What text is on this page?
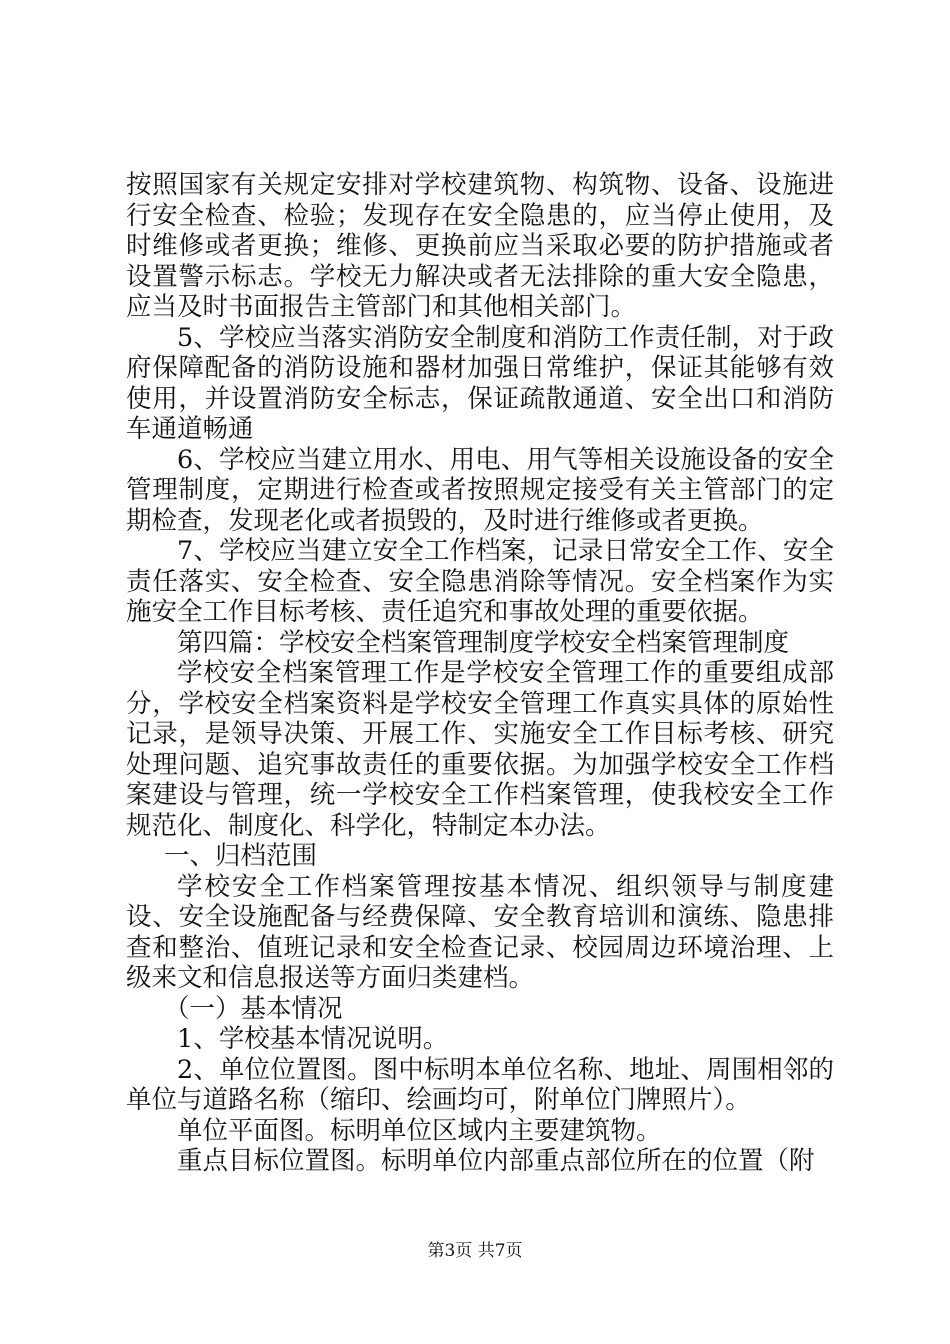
按照国家有关规定安排对学校建筑物、构筑物、设备、设施进行安全检查、检验；发现存在安全隐患的，应当停止使用，及时维修或者更换；维修、更换前应当采取必要的防护措施或者设置警示标志。学校无力解决或者无法排除的重大安全隐患，应当及时书面报告主管部门和其他相关部门。

5、学校应当落实消防安全制度和消防工作责任制，对于政府保障配备的消防设施和器材加强日常维护，保证其能够有效使用，并设置消防安全标志，保证疏散通道、安全出口和消防车通道畅通

6、学校应当建立用水、用电、用气等相关设施设备的安全管理制度，定期进行检查或者按照规定接受有关主管部门的定期检查，发现老化或者损毁的，及时进行维修或者更换。

7、学校应当建立安全工作档案，记录日常安全工作、安全责任落实、安全检查、安全隐患消除等情况。安全档案作为实施安全工作目标考核、责任追究和事故处理的重要依据。

第四篇：学校安全档案管理制度学校安全档案管理制度

学校安全档案管理工作是学校安全管理工作的重要组成部分，学校安全档案资料是学校安全管理工作真实具体的原始性记录，是领导决策、开展工作、实施安全工作目标考核、研究处理问题、追究事故责任的重要依据。为加强学校安全工作档案建设与管理，统一学校安全工作档案管理，使我校安全工作规范化、制度化、科学化，特制定本办法。

一、归档范围

学校安全工作档案管理按基本情况、组织领导与制度建设、安全设施配备与经费保障、安全教育培训和演练、隐患排查和整治、值班记录和安全检查记录、校园周边环境治理、上级来文和信息报送等方面归类建档。

（一）基本情况

1、学校基本情况说明。

2、单位位置图。图中标明本单位名称、地址、周围相邻的单位与道路名称（缩印、绘画均可，附单位门牌照片）。

单位平面图。标明单位区域内主要建筑物。

重点目标位置图。标明单位内部重点部位所在的位置（附

第3页 共7页
